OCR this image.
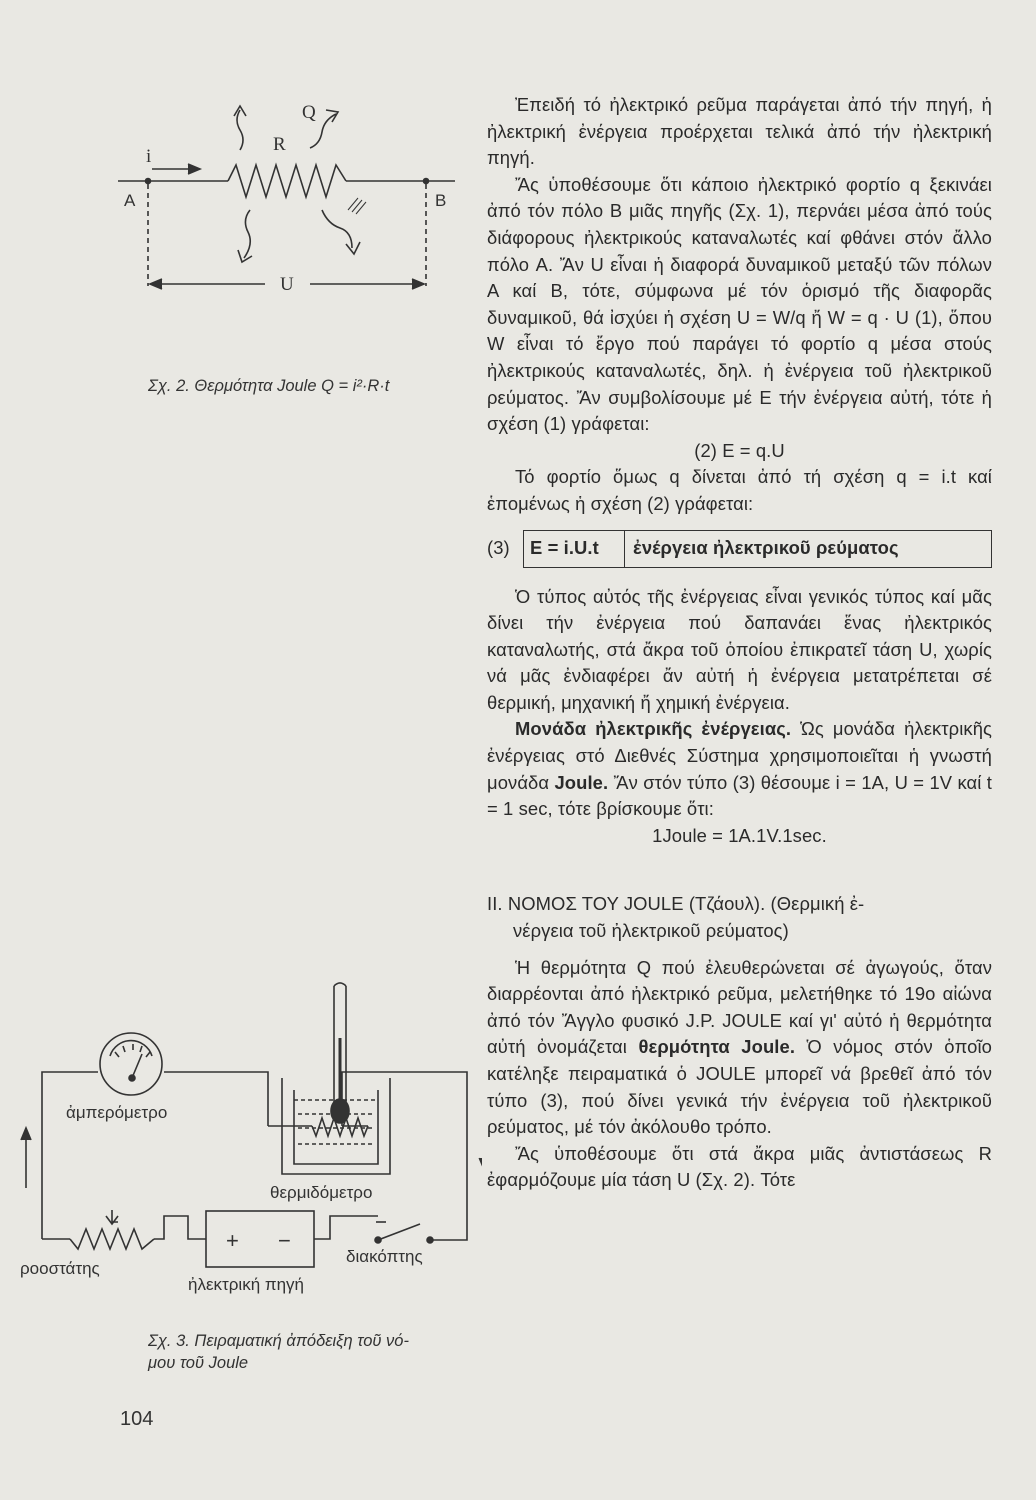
i
Q
R
A	B
U
Σχ. 2. Θερμότητα Joule Q = i²·R·t
ἀμπερόμετρο
θερμιδόμετρο
ροοστάτης
διακόπτης
ἠλεκτρική πηγή
+ −
Σχ. 3. Πειραματική ἀπόδειξη τοῦ νό-
μου τοῦ Joule
104

Ἐπειδή τό ἠλεκτρικό ρεῦμα παράγεται ἀπό τήν πηγή, ἡ ἠλεκτρική ἐνέργεια προέρχεται τελικά ἀπό τήν ἠλεκτρική πηγή.

Ἄς ὑποθέσουμε ὅτι κάποιο ἠλεκτρικό φορτίο q ξεκινάει ἀπό τόν πόλο B μιᾶς πηγῆς (Σχ. 1), περνάει μέσα ἀπό τούς διάφορους ἠλεκτρικούς καταναλωτές καί φθάνει στόν ἄλλο πόλο A. Ἄν U εἶναι ἡ διαφορά δυναμικοῦ μεταξύ τῶν πόλων A καί B, τότε, σύμφωνα μέ τόν ὁρισμό τῆς διαφορᾶς δυναμικοῦ, θά ἰσχύει ἡ σχέση U = W/q ἤ W = q · U (1), ὅπου W εἶναι τό ἔργο πού παράγει τό φορτίο q μέσα στούς ἠλεκτρικούς καταναλωτές, δηλ. ἡ ἐνέργεια τοῦ ἠλεκτρικοῦ ρεύματος. Ἄν συμβολίσουμε μέ E τήν ἐνέργεια αὐτή, τότε ἡ σχέση (1) γράφεται:

(2) E = q.U

Τό φορτίο ὅμως q δίνεται ἀπό τή σχέση q = i.t καί ἑπομένως ἡ σχέση (2) γράφεται:

(3)	E = i.U.t	ἐνέργεια ἠλεκτρικοῦ ρεύματος

Ὁ τύπος αὐτός τῆς ἐνέργειας εἶναι γενικός τύπος καί μᾶς δίνει τήν ἐνέργεια πού δαπανάει ἕνας ἠλεκτρικός καταναλωτής, στά ἄκρα τοῦ ὁποίου ἐπικρατεῖ τάση U, χωρίς νά μᾶς ἐνδιαφέρει ἄν αὐτή ἡ ἐνέργεια μετατρέπεται σέ θερμική, μηχανική ἤ χημική ἐνέργεια.

Μονάδα ἠλεκτρικῆς ἐνέργειας. Ὡς μονάδα ἠλεκτρικῆς ἐνέργειας στό Διεθνές Σύστημα χρησιμοποιεῖται ἡ γνωστή μονάδα Joule. Ἄν στόν τύπο (3) θέσουμε i = 1A, U = 1V καί t = 1 sec, τότε βρίσκουμε ὅτι:

1Joule = 1A.1V.1sec.

II. ΝΟΜΟΣ ΤΟΥ JOULE (Τζάουλ). (Θερμική ἐ-
νέργεια τοῦ ἠλεκτρικοῦ ρεύματος)

Ἡ θερμότητα Q πού ἐλευθερώνεται σέ ἀγωγούς, ὅταν διαρρέονται ἀπό ἠλεκτρικό ρεῦμα, μελετήθηκε τό 19ο αἰώνα ἀπό τόν Ἄγγλο φυσικό J.P. JOULE καί γι' αὐτό ἡ θερμότητα αὐτή ὀνομάζεται θερμότητα Joule. Ὁ νόμος στόν ὁποῖο κατέληξε πειραματικά ὁ JOULE μπορεῖ νά βρεθεῖ ἀπό τόν τύπο (3), πού δίνει γενικά τήν ἐνέργεια τοῦ ἠλεκτρικοῦ ρεύματος, μέ τόν ἀκόλουθο τρόπο.

Ἄς ὑποθέσουμε ὅτι στά ἄκρα μιᾶς ἀντιστάσεως R ἐφαρμόζουμε μία τάση U (Σχ. 2). Τότε
